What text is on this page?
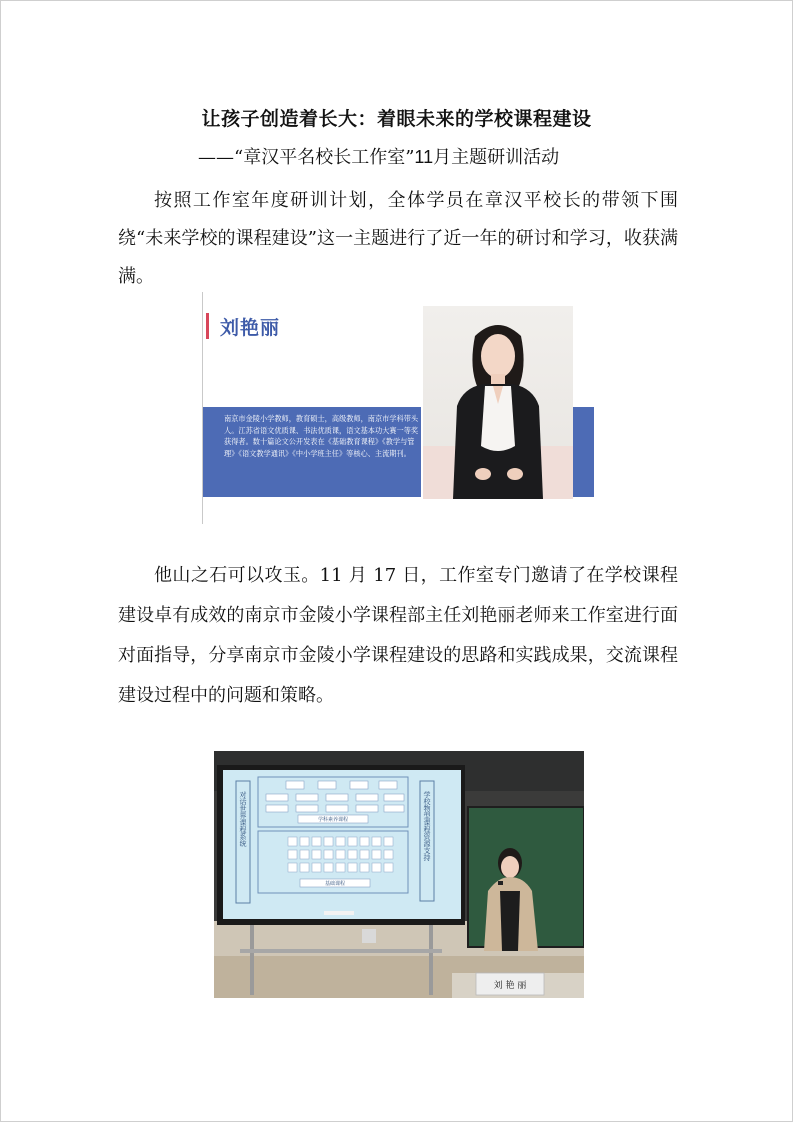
让孩子创造着长大：着眼未来的学校课程建设
——“章汉平名校长工作室”11月主题研训活动
按照工作室年度研训计划，全体学员在章汉平校长的带领下围绕“未来学校的课程建设”这一主题进行了近一年的研讨和学习，收获满满。
刘艳丽
南京市金陵小学教师，教育硕士，高级教师，南京市学科带头人。江苏省语文优质课、书法优质课，语文基本功大赛一等奖获得者。数十篇论文公开发表在《基础教育课程》《教学与管理》《语文教学通讯》《中小学班主任》等核心、主流期刊。
他山之石可以攻玉。11 月 17 日，工作室专门邀请了在学校课程建设卓有成效的南京市金陵小学课程部主任刘艳丽老师来工作室进行面对面指导，分享南京市金陵小学课程建设的思路和实践成果，交流课程建设过程中的问题和策略。
对话世界课程系统	学校物型课程资源支持
学科素养课程
基础课程
刘 艳 丽
